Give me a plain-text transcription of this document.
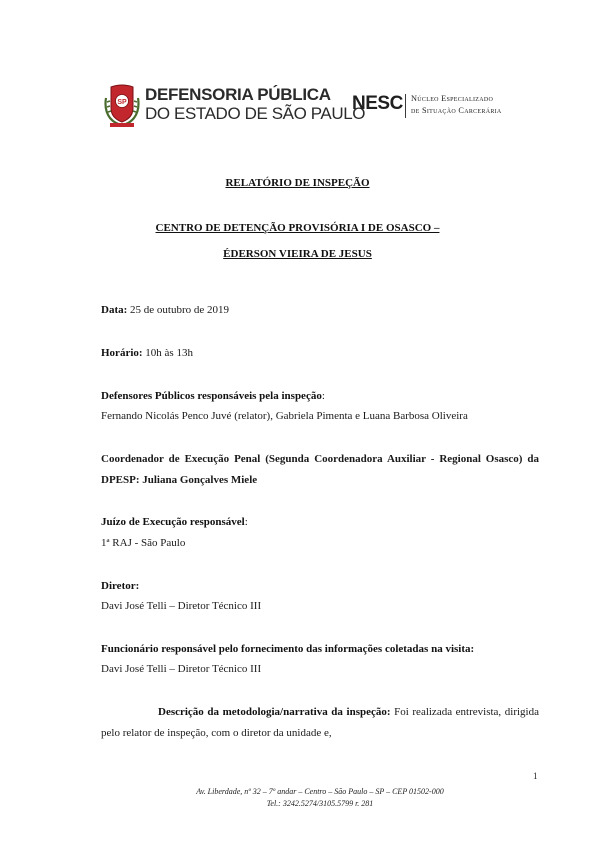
SP DEFENSORIA PÚBLICA
DO ESTADO DE SÃO PAULO
NESC Núcleo Especializado
de Situação Carcerária
RELATÓRIO DE INSPEÇÃO
CENTRO DE DETENÇÃO PROVISÓRIA I DE OSASCO –
ÉDERSON VIEIRA DE JESUS
Data: 25 de outubro de 2019
Horário: 10h às 13h
Defensores Públicos responsáveis pela inspeção:
Fernando Nicolás Penco Juvé (relator), Gabriela Pimenta e Luana Barbosa Oliveira
Coordenador de Execução Penal (Segunda Coordenadora Auxiliar - Regional Osasco) da DPESP: Juliana Gonçalves Miele
Juízo de Execução responsável:
1ª RAJ - São Paulo
Diretor:
Davi José Telli – Diretor Técnico III
Funcionário responsável pelo fornecimento das informações coletadas na visita:
Davi José Telli – Diretor Técnico III
Descrição da metodologia/narrativa da inspeção: Foi realizada entrevista, dirigida pelo relator de inspeção, com o diretor da unidade e,
1
Av. Liberdade, nº 32 – 7º andar – Centro – São Paulo – SP – CEP 01502-000
Tel.: 3242.5274/3105.5799 r. 281
